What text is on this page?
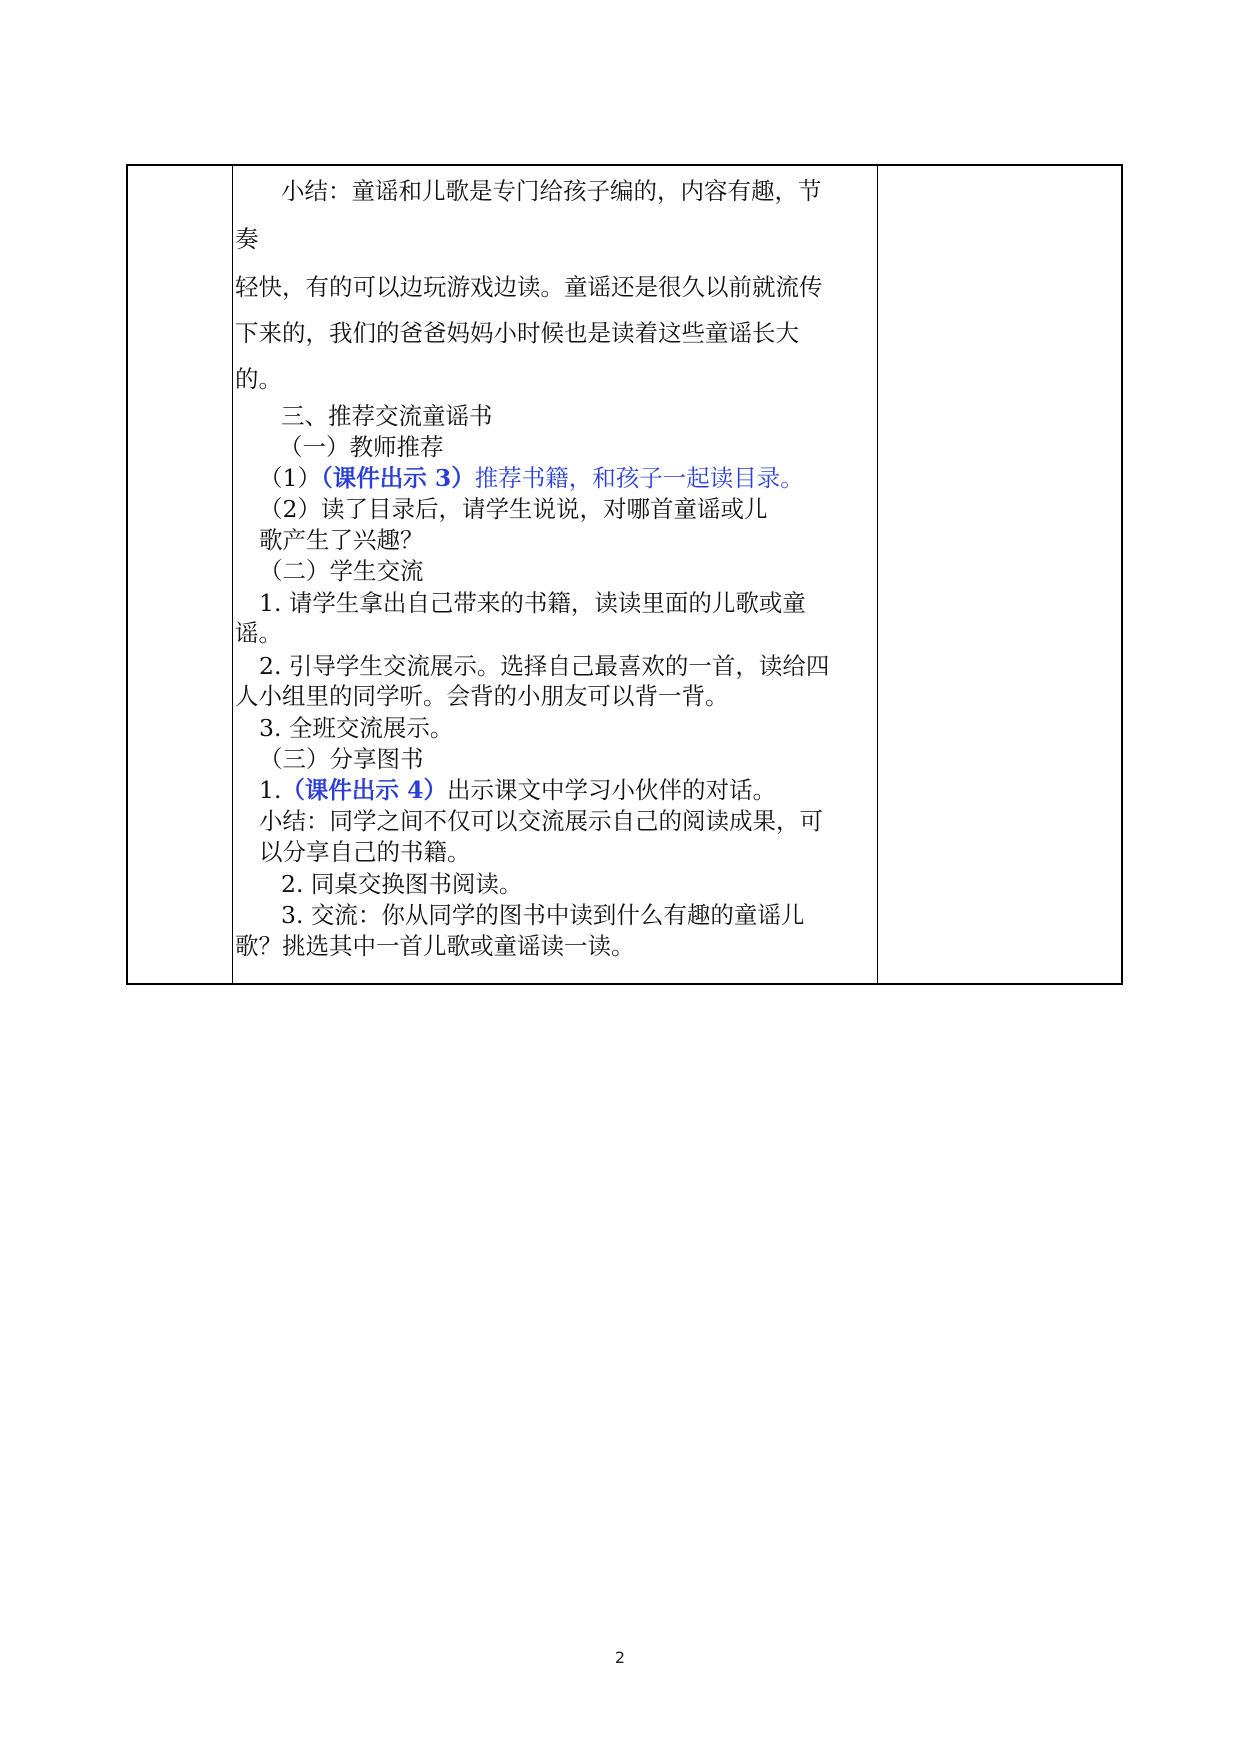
小结：童谣和儿歌是专门给孩子编的，内容有趣，节
奏
轻快，有的可以边玩游戏边读。童谣还是很久以前就流传
下来的，我们的爸爸妈妈小时候也是读着这些童谣长大
的。
三、推荐交流童谣书
（一）教师推荐
（1）（课件出示 3）推荐书籍，和孩子一起读目录。
（2）读了目录后，请学生说说，对哪首童谣或儿
歌产生了兴趣？
（二）学生交流
1. 请学生拿出自己带来的书籍，读读里面的儿歌或童
谣。
2. 引导学生交流展示。选择自己最喜欢的一首，读给四
人小组里的同学听。会背的小朋友可以背一背。
3. 全班交流展示。
（三）分享图书
1.（课件出示 4）出示课文中学习小伙伴的对话。
小结：同学之间不仅可以交流展示自己的阅读成果，可
以分享自己的书籍。
2. 同桌交换图书阅读。
3. 交流：你从同学的图书中读到什么有趣的童谣儿
歌？挑选其中一首儿歌或童谣读一读。
2
